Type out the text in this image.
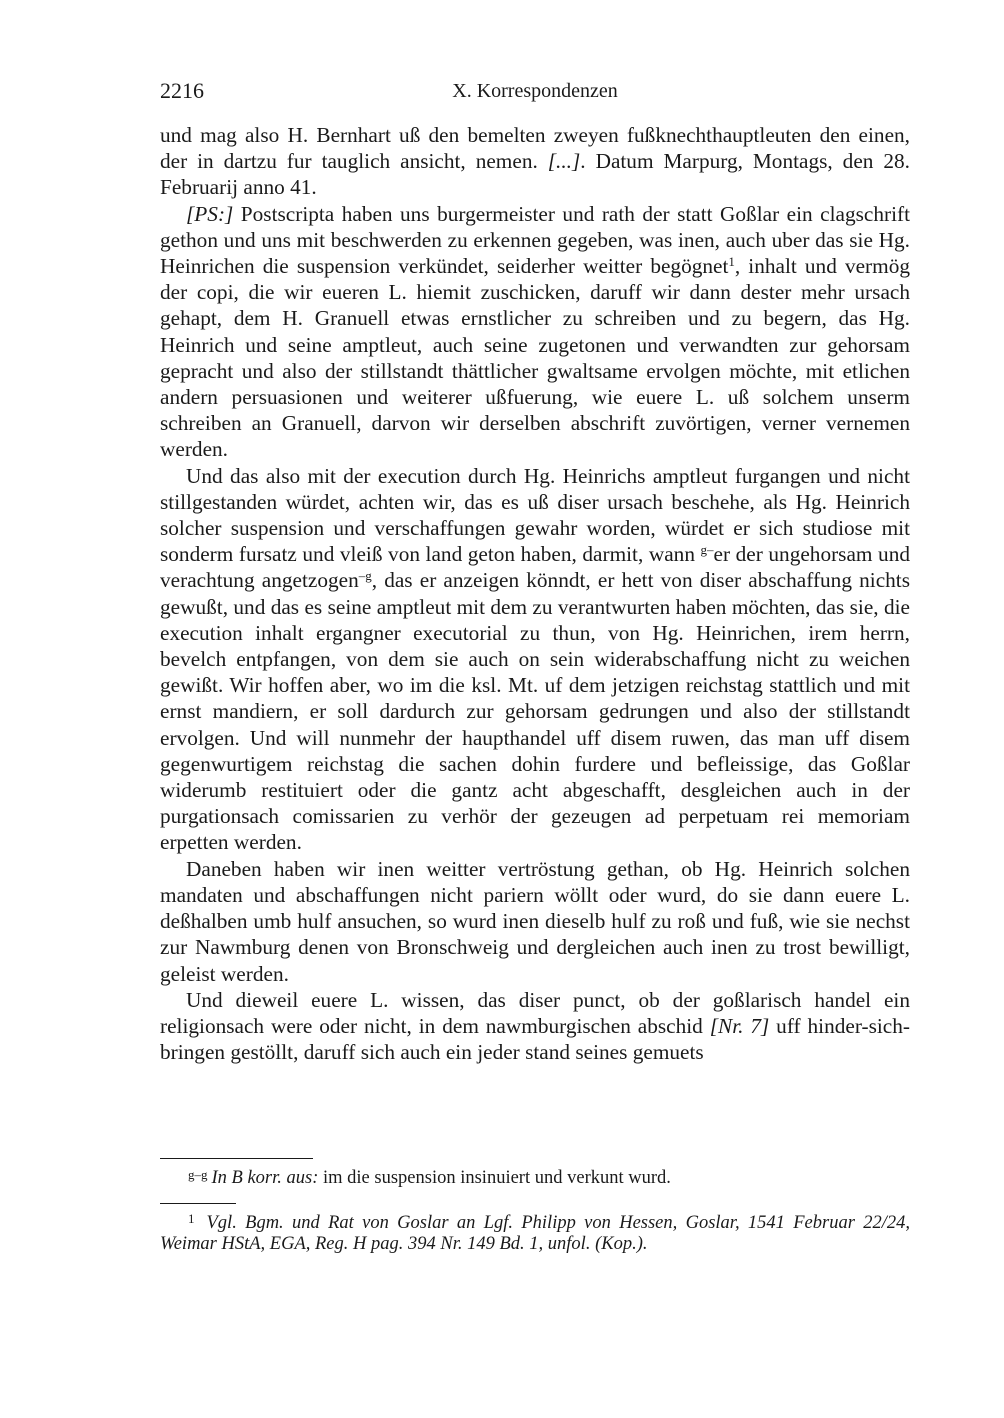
2216	X. Korrespondenzen

und mag also H. Bernhart uß den bemelten zweyen fußknechthauptleuten den einen, der in dartzu fur tauglich ansicht, nemen. [...]. Datum Marpurg, Montags, den 28. Februarij anno 41.

[PS:] Postscripta haben uns burgermeister und rath der statt Goßlar ein clagschrift gethon und uns mit beschwerden zu erkennen gegeben, was inen, auch uber das sie Hg. Heinrichen die suspension verkündet, seiderher weitter begögnet$^1$, inhalt und vermög der copi, die wir eueren L. hiemit zuschicken, daruff wir dann dester mehr ursach gehapt, dem H. Granuell etwas ernstlicher zu schreiben und zu begern, das Hg. Heinrich und seine amptleut, auch seine zugetonen und verwandten zur gehorsam gepracht und also der stillstandt thättlicher gwaltsame ervolgen möchte, mit etlichen andern persuasionen und weiterer ußfuerung, wie euere L. uß solchem unserm schreiben an Granuell, darvon wir derselben abschrift zuvörtigen, verner vernemen werden.

Und das also mit der execution durch Hg. Heinrichs amptleut furgangen und nicht stillgestanden würdet, achten wir, das es uß diser ursach beschehe, als Hg. Heinrich solcher suspension und verschaffungen gewahr worden, würdet er sich studiose mit sonderm fursatz und vleiß von land geton haben, darmit, wann $^{g-}$er der ungehorsam und verachtung angetzogen$^{-g}$, das er anzeigen könndt, er hett von diser abschaffung nichts gewußt, und das es seine amptleut mit dem zu verantwurten haben möchten, das sie, die execution inhalt ergangner executorial zu thun, von Hg. Heinrichen, irem herrn, bevelch entpfangen, von dem sie auch on sein widerabschaffung nicht zu weichen gewißt. Wir hoffen aber, wo im die ksl. Mt. uf dem jetzigen reichstag stattlich und mit ernst mandiern, er soll dardurch zur gehorsam gedrungen und also der stillstandt ervolgen. Und will nunmehr der haupthandel uff disem ruwen, das man uff disem gegenwurtigem reichstag die sachen dohin furdere und befleissige, das Goßlar widerumb restituiert oder die gantz acht abgeschafft, desgleichen auch in der purgationsach comissarien zu verhör der gezeugen ad perpetuam rei memoriam erpetten werden.

Daneben haben wir inen weitter vertröstung gethan, ob Hg. Heinrich solchen mandaten und abschaffungen nicht pariern wöllt oder wurd, do sie dann euere L. deßhalben umb hulf ansuchen, so wurd inen dieselb hulf zu roß und fuß, wie sie nechst zur Nawmburg denen von Bronschweig und dergleichen auch inen zu trost bewilligt, geleist werden.

Und dieweil euere L. wissen, das diser punct, ob der goßlarisch handel ein religionsach were oder nicht, in dem nawmburgischen abschid [Nr. 7] uff hinder-sich-bringen gestöllt, daruff sich auch ein jeder stand seines gemuets

$^{g-g}$ In B korr. aus: im die suspension insinuiert und verkunt wurd.
$^1$ Vgl. Bgm. und Rat von Goslar an Lgf. Philipp von Hessen, Goslar, 1541 Februar 22/24, Weimar HStA, EGA, Reg. H pag. 394 Nr. 149 Bd. 1, unfol. (Kop.).
